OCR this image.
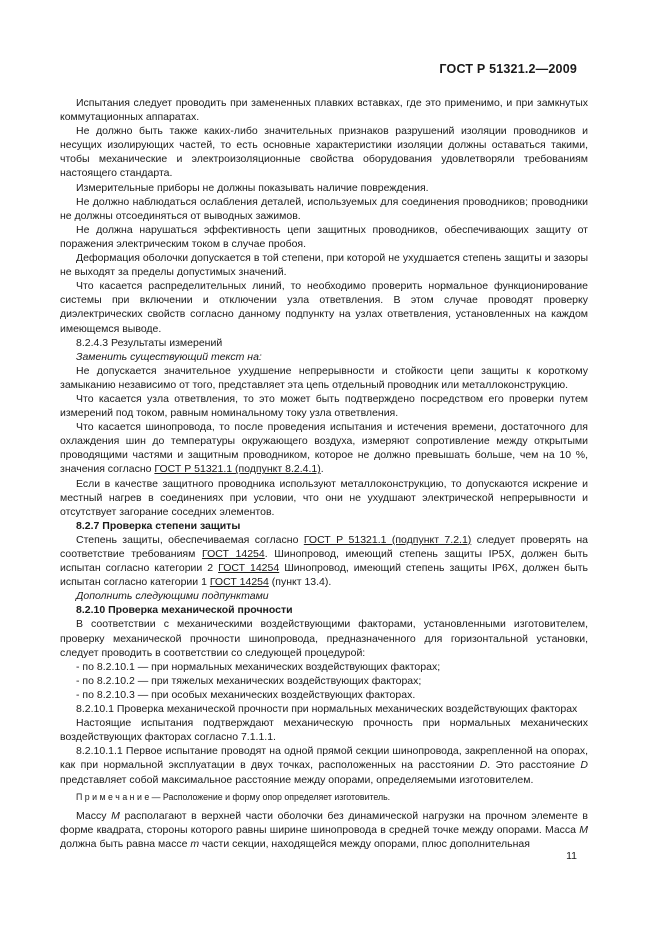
ГОСТ Р 51321.2—2009

Испытания следует проводить при замененных плавких вставках, где это применимо, и при замкнутых коммутационных аппаратах.

Не должно быть также каких-либо значительных признаков разрушений изоляции проводников и несущих изолирующих частей, то есть основные характеристики изоляции должны оставаться такими, чтобы механические и электроизоляционные свойства оборудования удовлетворяли требованиям настоящего стандарта.

Измерительные приборы не должны показывать наличие повреждения.

Не должно наблюдаться ослабления деталей, используемых для соединения проводников; проводники не должны отсоединяться от выводных зажимов.

Не должна нарушаться эффективность цепи защитных проводников, обеспечивающих защиту от поражения электрическим током в случае пробоя.

Деформация оболочки допускается в той степени, при которой не ухудшается степень защиты и зазоры не выходят за пределы допустимых значений.

Что касается распределительных линий, то необходимо проверить нормальное функционирование системы при включении и отключении узла ответвления. В этом случае проводят проверку диэлектрических свойств согласно данному подпункту на узлах ответвления, установленных на каждом имеющемся выводе.

8.2.4.3 Результаты измерений

Заменить существующий текст на:

Не допускается значительное ухудшение непрерывности и стойкости цепи защиты к короткому замыканию независимо от того, представляет эта цепь отдельный проводник или металлоконструкцию.

Что касается узла ответвления, то это может быть подтверждено посредством его проверки путем измерений под током, равным номинальному току узла ответвления.

Что касается шинопровода, то после проведения испытания и истечения времени, достаточного для охлаждения шин до температуры окружающего воздуха, измеряют сопротивление между открытыми проводящими частями и защитным проводником, которое не должно превышать больше, чем на 10 %, значения согласно ГОСТ Р 51321.1 (подпункт 8.2.4.1).

Если в качестве защитного проводника используют металлоконструкцию, то допускаются искрение и местный нагрев в соединениях при условии, что они не ухудшают электрической непрерывности и отсутствует загорание соседних элементов.

8.2.7 Проверка степени защиты

Степень защиты, обеспечиваемая согласно ГОСТ Р 51321.1 (подпункт 7.2.1) следует проверять на соответствие требованиям ГОСТ 14254. Шинопровод, имеющий степень защиты IP5X, должен быть испытан согласно категории 2 ГОСТ 14254 Шинопровод, имеющий степень защиты IP6X, должен быть испытан согласно категории 1 ГОСТ 14254 (пункт 13.4).

Дополнить следующими подпунктами

8.2.10 Проверка механической прочности

В соответствии с механическими воздействующими факторами, установленными изготовителем, проверку механической прочности шинопровода, предназначенного для горизонтальной установки, следует проводить в соответствии со следующей процедурой:

- по 8.2.10.1 — при нормальных механических воздействующих факторах;

- по 8.2.10.2 — при тяжелых механических воздействующих факторах;

- по 8.2.10.3 — при особых механических воздействующих факторах.

8.2.10.1 Проверка механической прочности при нормальных механических воздействующих факторах

Настоящие испытания подтверждают механическую прочность при нормальных механических воздействующих факторах согласно 7.1.1.1.

8.2.10.1.1 Первое испытание проводят на одной прямой секции шинопровода, закрепленной на опорах, как при нормальной эксплуатации в двух точках, расположенных на расстоянии D. Это расстояние D представляет собой максимальное расстояние между опорами, определяемыми изготовителем.

П р и м е ч а н и е — Расположение и форму опор определяет изготовитель.

Массу М располагают в верхней части оболочки без динамической нагрузки на прочном элементе в форме квадрата, стороны которого равны ширине шинопровода в средней точке между опорами. Массa М должна быть равна массе m части секции, находящейся между опорами, плюс дополнительная

11
